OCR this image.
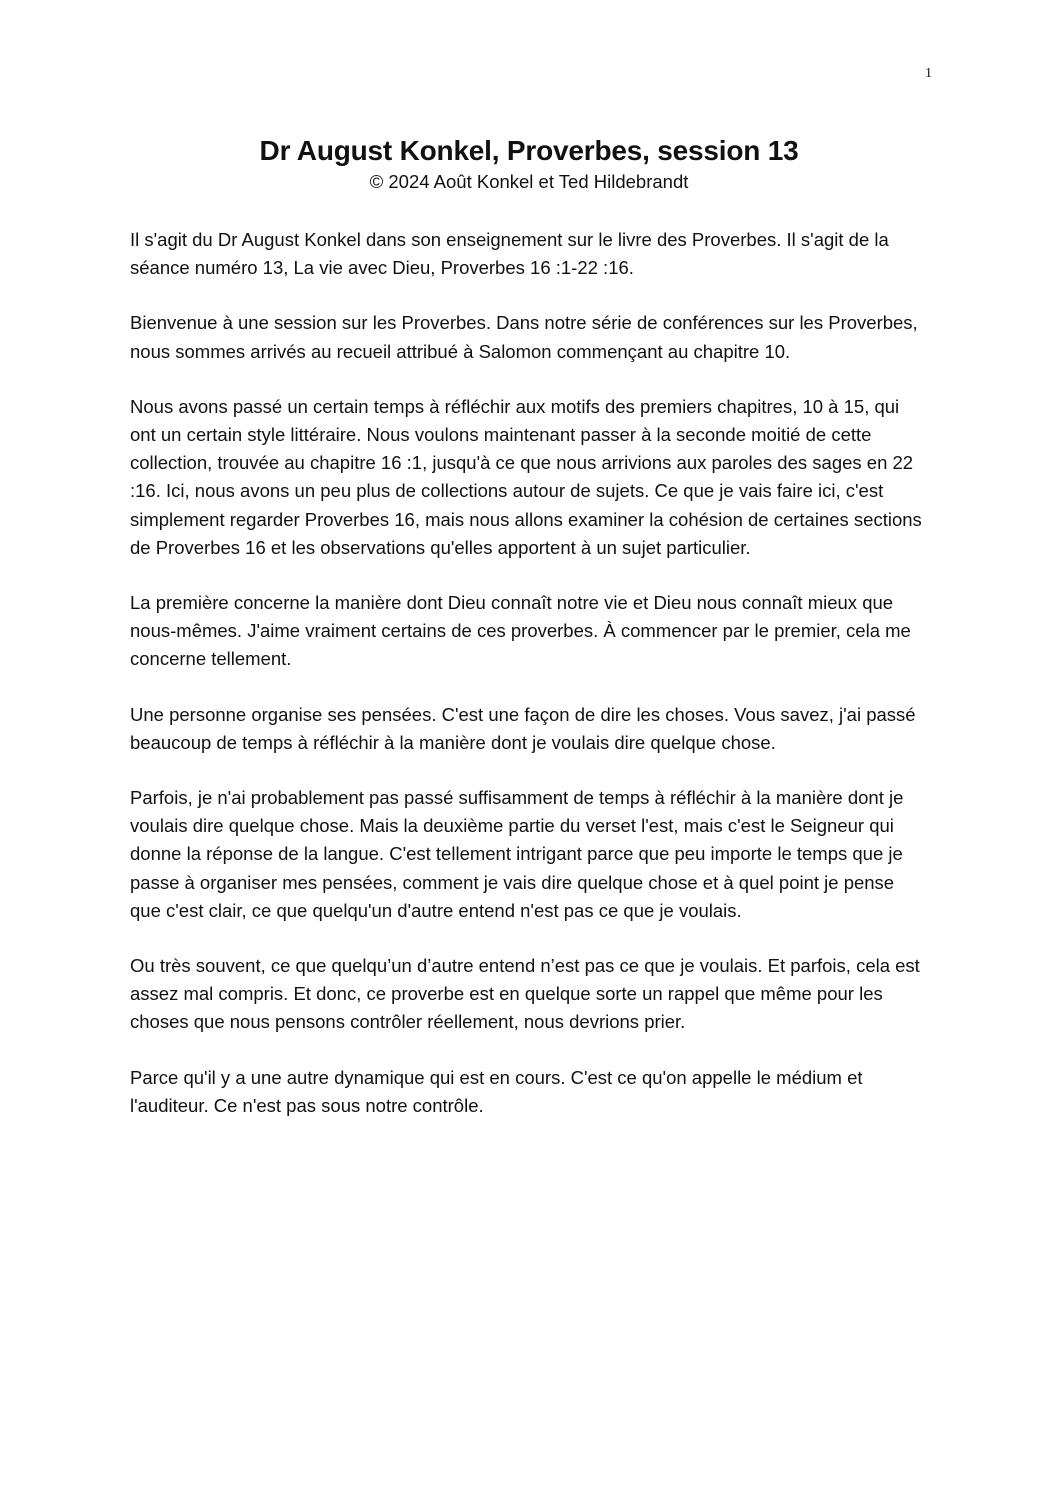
1
Dr August Konkel, Proverbes, session 13
© 2024 Août Konkel et Ted Hildebrandt

Il s'agit du Dr August Konkel dans son enseignement sur le livre des Proverbes. Il s'agit de la séance numéro 13, La vie avec Dieu, Proverbes 16 :1-22 :16.

Bienvenue à une session sur les Proverbes. Dans notre série de conférences sur les Proverbes, nous sommes arrivés au recueil attribué à Salomon commençant au chapitre 10.

Nous avons passé un certain temps à réfléchir aux motifs des premiers chapitres, 10 à 15, qui ont un certain style littéraire. Nous voulons maintenant passer à la seconde moitié de cette collection, trouvée au chapitre 16 :1, jusqu'à ce que nous arrivions aux paroles des sages en 22 :16. Ici, nous avons un peu plus de collections autour de sujets. Ce que je vais faire ici, c'est simplement regarder Proverbes 16, mais nous allons examiner la cohésion de certaines sections de Proverbes 16 et les observations qu'elles apportent à un sujet particulier.

La première concerne la manière dont Dieu connaît notre vie et Dieu nous connaît mieux que nous-mêmes. J'aime vraiment certains de ces proverbes. À commencer par le premier, cela me concerne tellement.

Une personne organise ses pensées. C'est une façon de dire les choses. Vous savez, j'ai passé beaucoup de temps à réfléchir à la manière dont je voulais dire quelque chose.

Parfois, je n'ai probablement pas passé suffisamment de temps à réfléchir à la manière dont je voulais dire quelque chose. Mais la deuxième partie du verset l'est, mais c'est le Seigneur qui donne la réponse de la langue. C'est tellement intrigant parce que peu importe le temps que je passe à organiser mes pensées, comment je vais dire quelque chose et à quel point je pense que c'est clair, ce que quelqu'un d'autre entend n'est pas ce que je voulais.

Ou très souvent, ce que quelqu’un d’autre entend n’est pas ce que je voulais. Et parfois, cela est assez mal compris. Et donc, ce proverbe est en quelque sorte un rappel que même pour les choses que nous pensons contrôler réellement, nous devrions prier.

Parce qu'il y a une autre dynamique qui est en cours. C'est ce qu'on appelle le médium et l'auditeur. Ce n'est pas sous notre contrôle.
